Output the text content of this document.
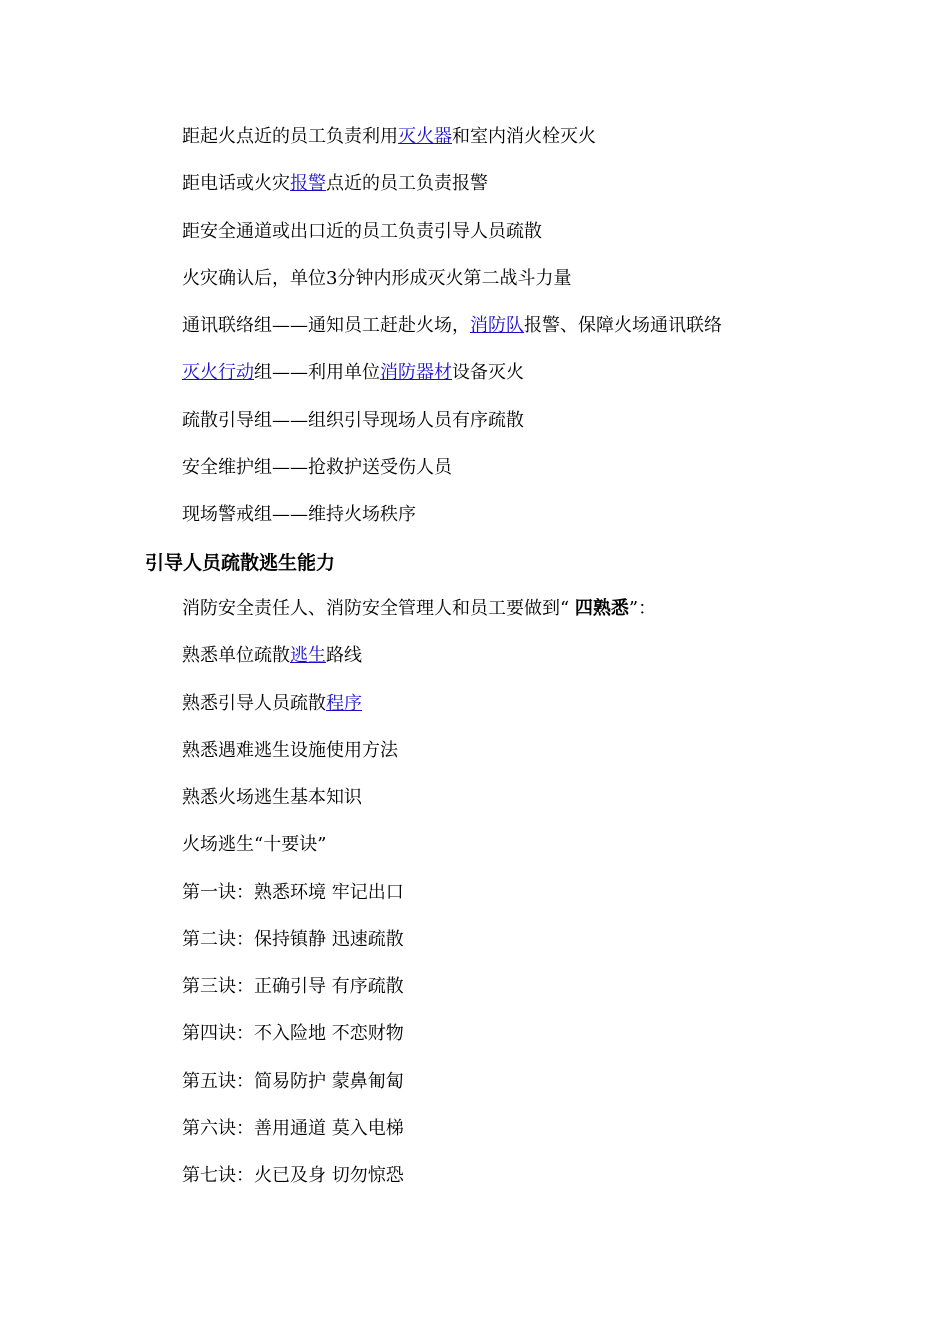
距起火点近的员工负责利用灭火器和室内消火栓灭火
距电话或火灾报警点近的员工负责报警
距安全通道或出口近的员工负责引导人员疏散
火灾确认后，单位3分钟内形成灭火第二战斗力量
通讯联络组——通知员工赶赴火场，消防队报警、保障火场通讯联络
灭火行动组——利用单位消防器材设备灭火
疏散引导组——组织引导现场人员有序疏散
安全维护组——抢救护送受伤人员
现场警戒组——维持火场秩序
引导人员疏散逃生能力
消防安全责任人、消防安全管理人和员工要做到“ 四熟悉”：
熟悉单位疏散逃生路线
熟悉引导人员疏散程序
熟悉遇难逃生设施使用方法
熟悉火场逃生基本知识
火场逃生“十要诀”
第一诀：熟悉环境 牢记出口
第二诀：保持镇静 迅速疏散
第三诀：正确引导 有序疏散
第四诀：不入险地 不恋财物
第五诀：简易防护 蒙鼻匍匐
第六诀：善用通道 莫入电梯
第七诀：火已及身 切勿惊恐
